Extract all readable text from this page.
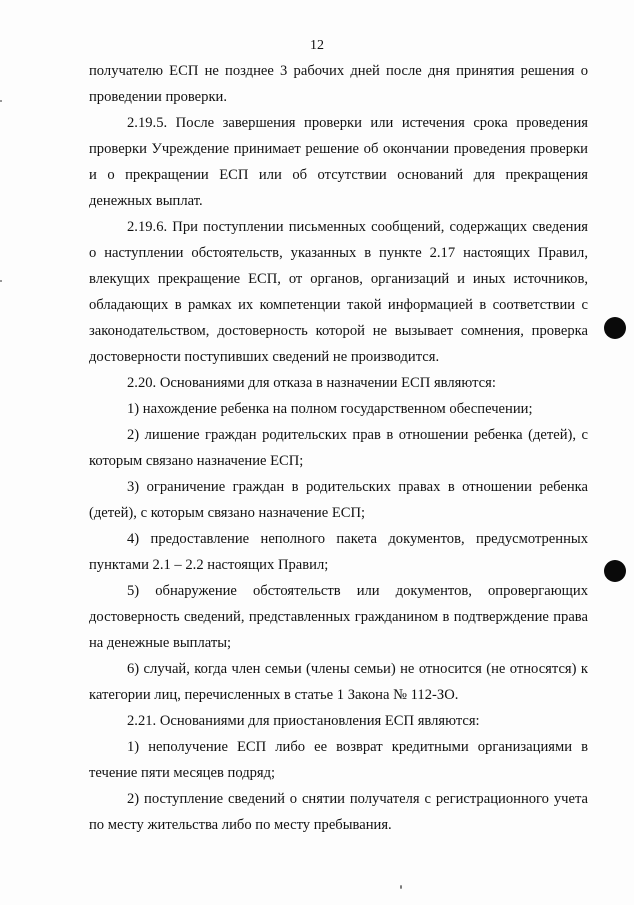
12

получателю ЕСП не позднее 3 рабочих дней после дня принятия решения о проведении проверки.

2.19.5. После завершения проверки или истечения срока проведения проверки Учреждение принимает решение об окончании проведения проверки и о прекращении ЕСП или об отсутствии оснований для прекращения денежных выплат.

2.19.6. При поступлении письменных сообщений, содержащих сведения о наступлении обстоятельств, указанных в пункте 2.17 настоящих Правил, влекущих прекращение ЕСП, от органов, организаций и иных источников, обладающих в рамках их компетенции такой информацией в соответствии с законодательством, достоверность которой не вызывает сомнения, проверка достоверности поступивших сведений не производится.

2.20. Основаниями для отказа в назначении ЕСП являются:

1) нахождение ребенка на полном государственном обеспечении;

2) лишение граждан родительских прав в отношении ребенка (детей), с которым связано назначение ЕСП;

3) ограничение граждан в родительских правах в отношении ребенка (детей), с которым связано назначение ЕСП;

4) предоставление неполного пакета документов, предусмотренных пунктами 2.1 – 2.2 настоящих Правил;

5) обнаружение обстоятельств или документов, опровергающих достоверность сведений, представленных гражданином в подтверждение права на денежные выплаты;

6) случай, когда член семьи (члены семьи) не относится (не относятся) к категории лиц, перечисленных в статье 1 Закона № 112-ЗО.

2.21. Основаниями для приостановления ЕСП являются:

1) неполучение ЕСП либо ее возврат кредитными организациями в течение пяти месяцев подряд;

2) поступление сведений о снятии получателя с регистрационного учета по месту жительства либо по месту пребывания.
